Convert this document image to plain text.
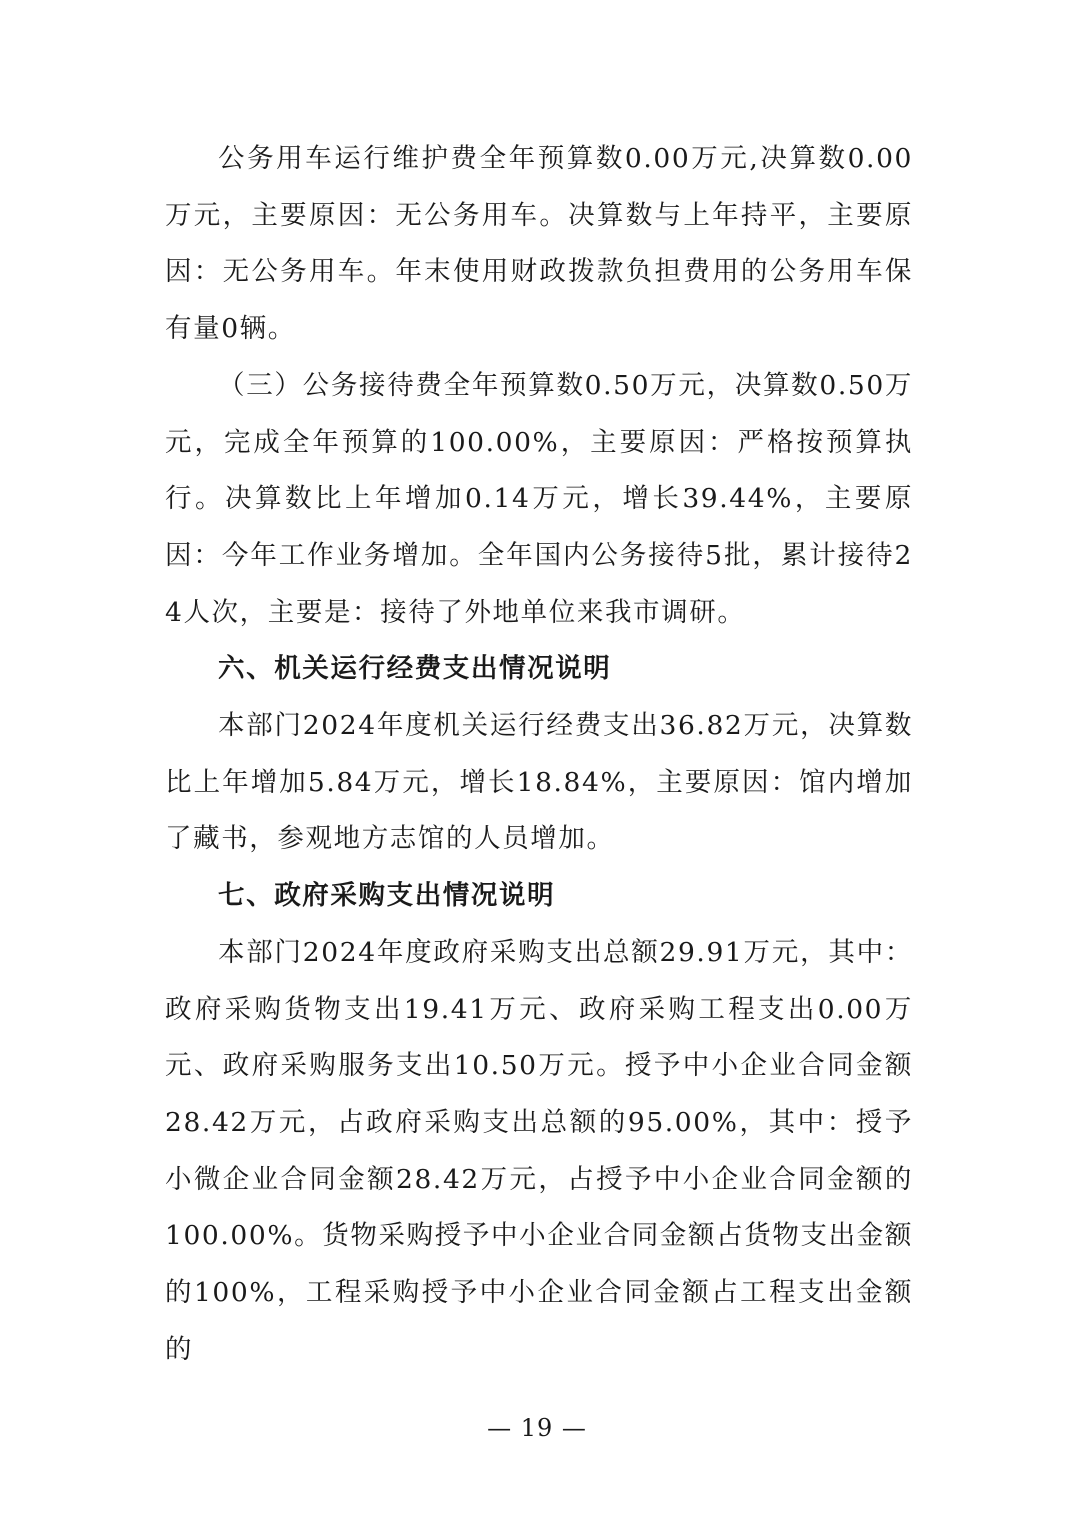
公务用车运行维护费全年预算数0.00万元,决算数0.00万元，主要原因：无公务用车。决算数与上年持平，主要原因：无公务用车。年末使用财政拨款负担费用的公务用车保有量0辆。

（三）公务接待费全年预算数0.50万元，决算数0.50万元，完成全年预算的100.00%，主要原因：严格按预算执行。决算数比上年增加0.14万元，增长39.44%，主要原因：今年工作业务增加。全年国内公务接待5批，累计接待24人次，主要是：接待了外地单位来我市调研。

六、机关运行经费支出情况说明

本部门2024年度机关运行经费支出36.82万元，决算数比上年增加5.84万元，增长18.84%，主要原因：馆内增加了藏书，参观地方志馆的人员增加。

七、政府采购支出情况说明

本部门2024年度政府采购支出总额29.91万元，其中：政府采购货物支出19.41万元、政府采购工程支出0.00万元、政府采购服务支出10.50万元。授予中小企业合同金额28.42万元，占政府采购支出总额的95.00%，其中：授予小微企业合同金额28.42万元，占授予中小企业合同金额的100.00%。货物采购授予中小企业合同金额占货物支出金额的100%，工程采购授予中小企业合同金额占工程支出金额的

— 19 —
